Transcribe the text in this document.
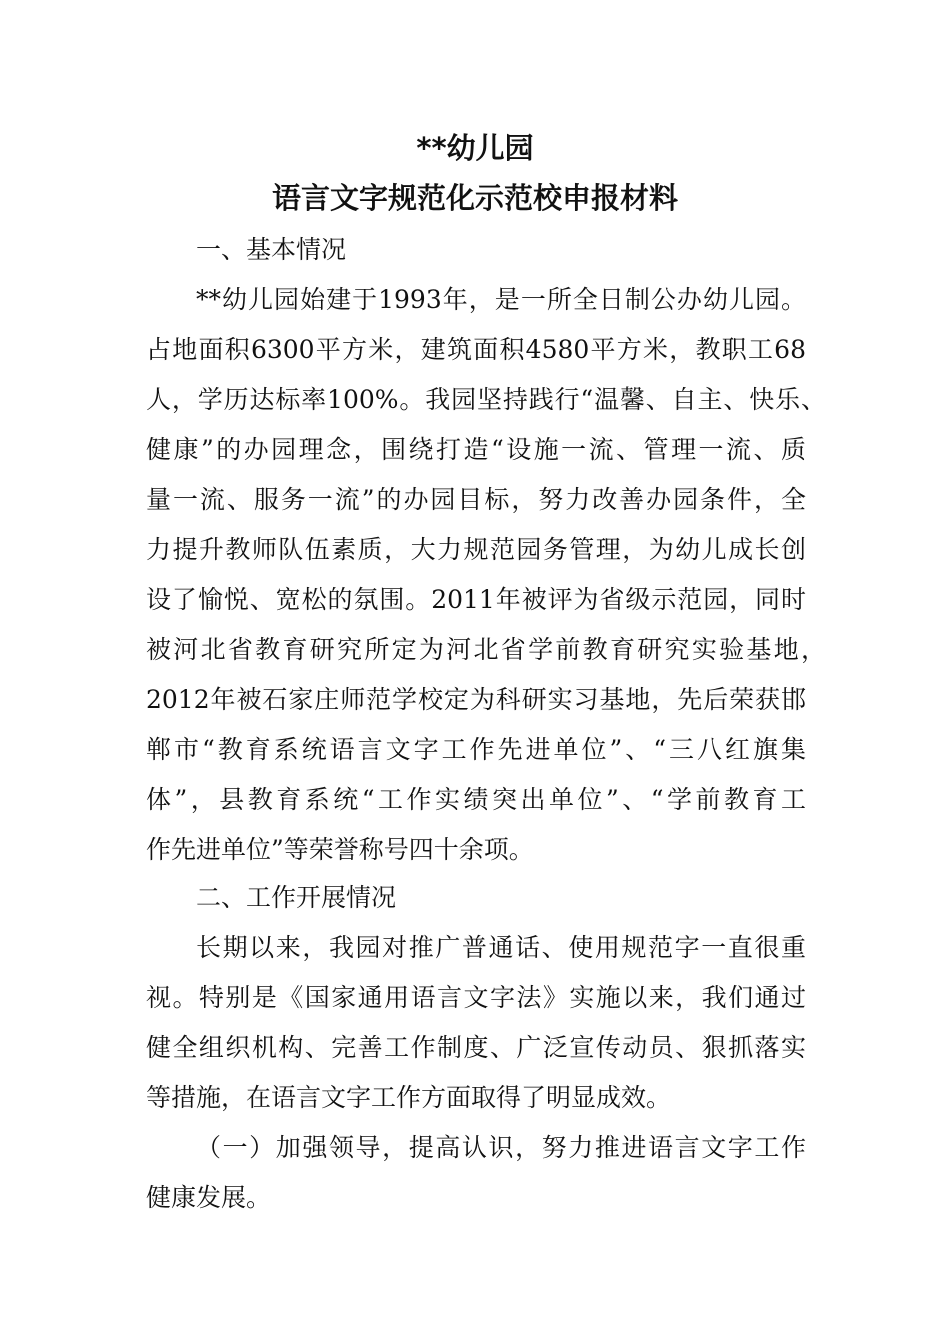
**幼儿园
语言文字规范化示范校申报材料
一、基本情况
**幼儿园始建于1993年，是一所全日制公办幼儿园。
占地面积6300平方米，建筑面积4580平方米，教职工68
人，学历达标率100%。我园坚持践行“温馨、自主、快乐、
健康”的办园理念，围绕打造“设施一流、管理一流、质
量一流、服务一流”的办园目标，努力改善办园条件，全
力提升教师队伍素质，大力规范园务管理，为幼儿成长创
设了愉悦、宽松的氛围。2011年被评为省级示范园，同时
被河北省教育研究所定为河北省学前教育研究实验基地，
2012年被石家庄师范学校定为科研实习基地，先后荣获邯
郸市“教育系统语言文字工作先进单位”、“三八红旗集
体”，县教育系统“工作实绩突出单位”、“学前教育工
作先进单位”等荣誉称号四十余项。
二、工作开展情况
长期以来，我园对推广普通话、使用规范字一直很重
视。特别是《国家通用语言文字法》实施以来，我们通过
健全组织机构、完善工作制度、广泛宣传动员、狠抓落实
等措施，在语言文字工作方面取得了明显成效。
（一）加强领导，提高认识，努力推进语言文字工作
健康发展。
